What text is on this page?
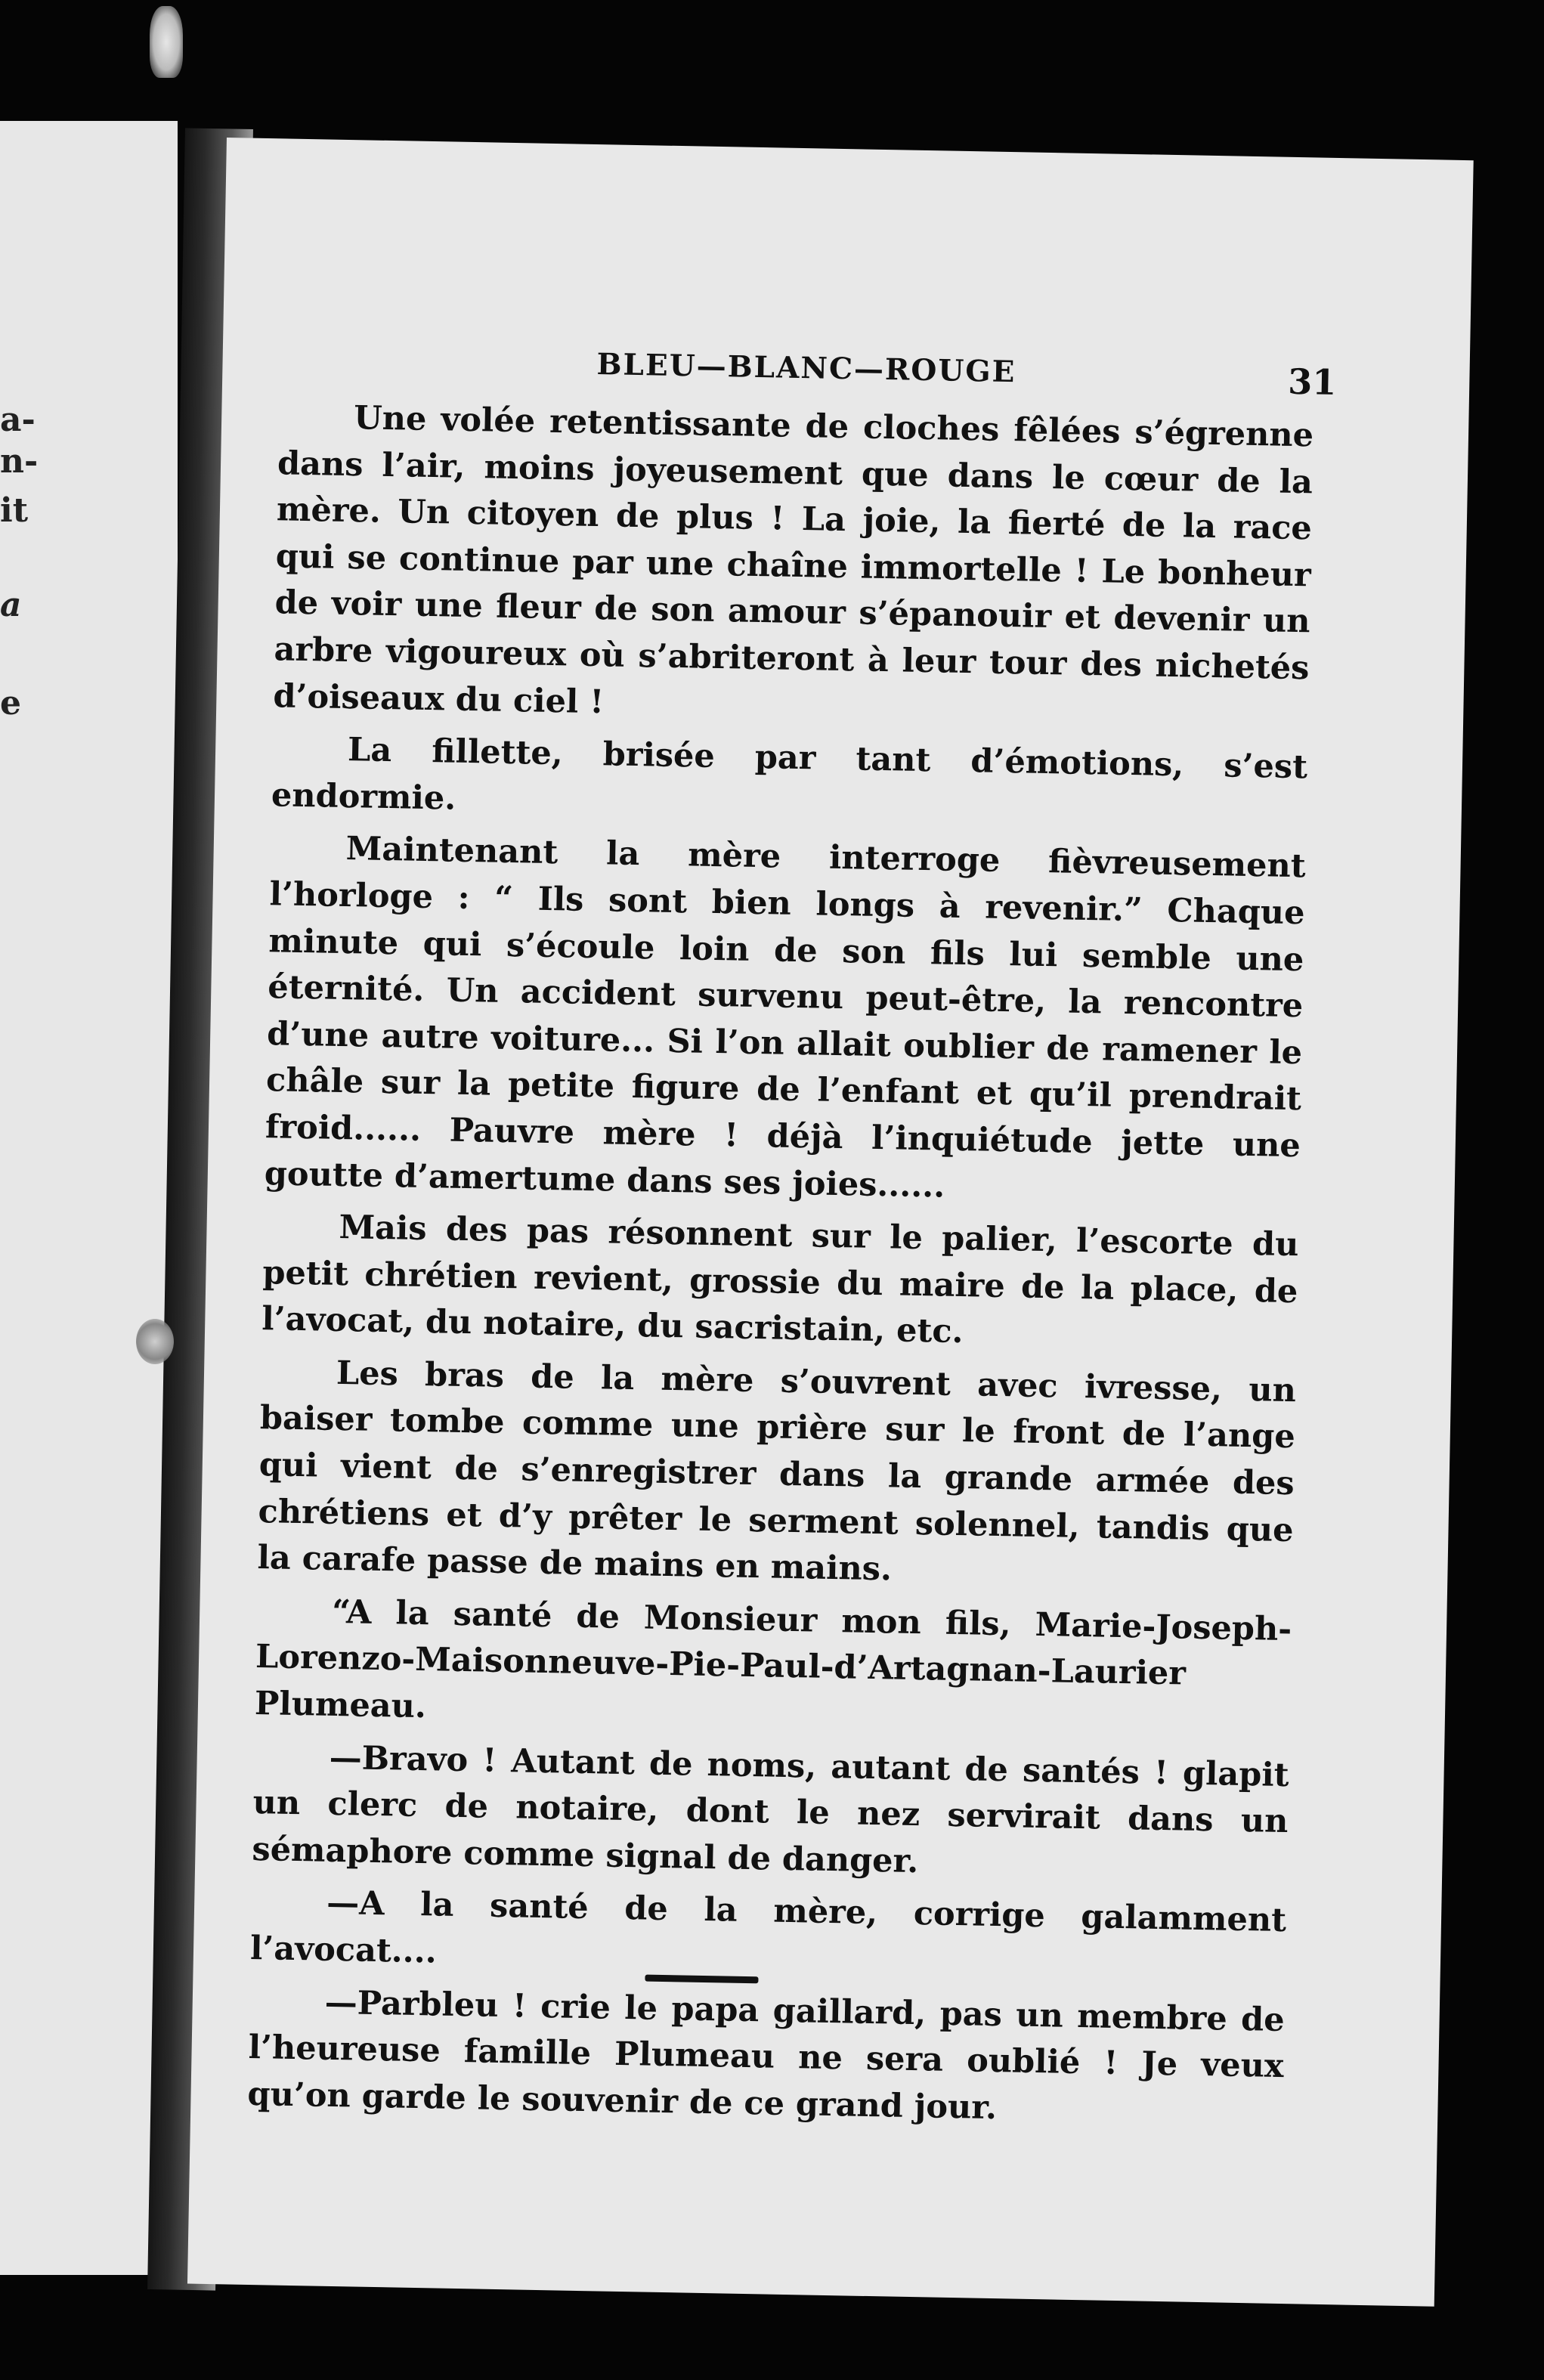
a-
n-
it
a
e
BLEU—BLANC—ROUGE	31

Une volée retentissante de cloches fêlées s’égrenne dans l’air, moins joyeusement que dans le cœur de la mère. Un citoyen de plus ! La joie, la fierté de la race qui se continue par une chaîne immortelle ! Le bonheur de voir une fleur de son amour s’épanouir et devenir un arbre vigoureux où s’abriteront à leur tour des nichetés d’oiseaux du ciel !

La fillette, brisée par tant d’émotions, s’est endormie.

Maintenant la mère interroge fièvreusement l’horloge : “ Ils sont bien longs à revenir.” Chaque minute qui s’écoule loin de son fils lui semble une éternité. Un accident survenu peut-être, la rencontre d’une autre voiture... Si l’on allait oublier de ramener le châle sur la petite figure de l’enfant et qu’il prendrait froid...... Pauvre mère ! déjà l’inquiétude jette une goutte d’amertume dans ses joies......

Mais des pas résonnent sur le palier, l’escorte du petit chrétien revient, grossie du maire de la place, de l’avocat, du notaire, du sacristain, etc.

Les bras de la mère s’ouvrent avec ivresse, un baiser tombe comme une prière sur le front de l’ange qui vient de s’enregistrer dans la grande armée des chrétiens et d’y prêter le serment solennel, tandis que la carafe passe de mains en mains.

“A la santé de Monsieur mon fils, Marie-Joseph-Lorenzo-Maisonneuve-Pie-Paul-d’Artagnan-Laurier Plumeau.

—Bravo ! Autant de noms, autant de santés ! glapit un clerc de notaire, dont le nez servirait dans un sémaphore comme signal de danger.

—A la santé de la mère, corrige galamment l’avocat....

—Parbleu ! crie le papa gaillard, pas un membre de l’heureuse famille Plumeau ne sera oublié ! Je veux qu’on garde le souvenir de ce grand jour.
